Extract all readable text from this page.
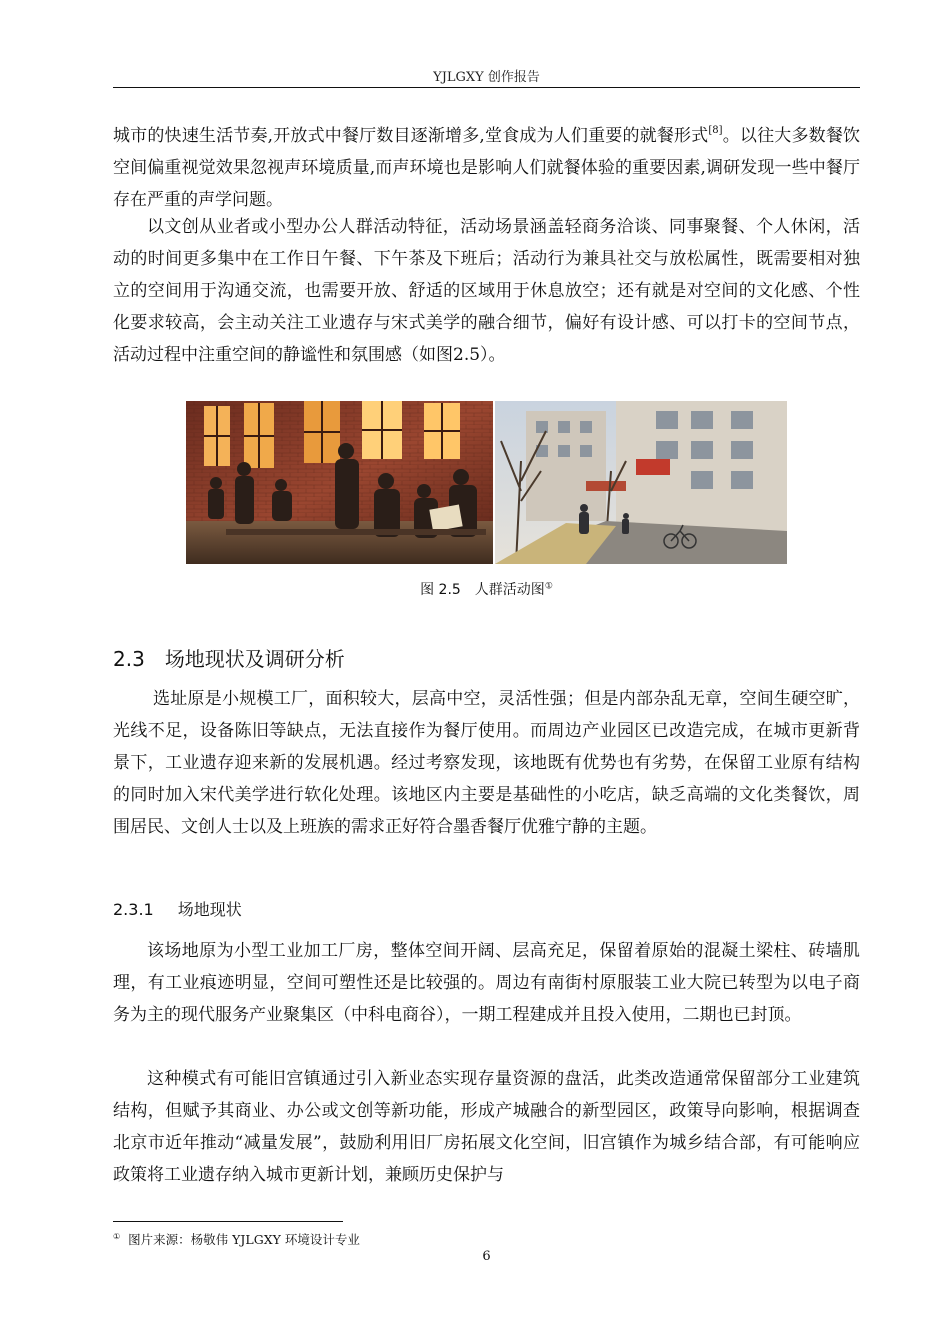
YJLGXY 创作报告

城市的快速生活节奏,开放式中餐厅数目逐渐增多,堂食成为人们重要的就餐形式[8]。以往大多数餐饮空间偏重视觉效果忽视声环境质量,而声环境也是影响人们就餐体验的重要因素,调研发现一些中餐厅存在严重的声学问题。

以文创从业者或小型办公人群活动特征，活动场景涵盖轻商务洽谈、同事聚餐、个人休闲，活动的时间更多集中在工作日午餐、下午茶及下班后；活动行为兼具社交与放松属性，既需要相对独立的空间用于沟通交流，也需要开放、舒适的区域用于休息放空；还有就是对空间的文化感、个性化要求较高，会主动关注工业遗存与宋式美学的融合细节，偏好有设计感、可以打卡的空间节点，活动过程中注重空间的静谧性和氛围感（如图2.5）。

图 2.5　人群活动图①
2.3 场地现状及调研分析

选址原是小规模工厂，面积较大，层高中空，灵活性强；但是内部杂乱无章，空间生硬空旷，光线不足，设备陈旧等缺点，无法直接作为餐厅使用。而周边产业园区已改造完成，在城市更新背景下，工业遗存迎来新的发展机遇。经过考察发现，该地既有优势也有劣势，在保留工业原有结构的同时加入宋代美学进行软化处理。该地区内主要是基础性的小吃店，缺乏高端的文化类餐饮，周围居民、文创人士以及上班族的需求正好符合墨香餐厅优雅宁静的主题。

2.3.1 场地现状

该场地原为小型工业加工厂房，整体空间开阔、层高充足，保留着原始的混凝土梁柱、砖墙肌理，有工业痕迹明显，空间可塑性还是比较强的。周边有南街村原服装工业大院已转型为以电子商务为主的现代服务产业聚集区（中科电商谷），一期工程建成并且投入使用，二期也已封顶。

这种模式有可能旧宫镇通过引入新业态实现存量资源的盘活，此类改造通常保留部分工业建筑结构，但赋予其商业、办公或文创等新功能，形成产城融合的新型园区，政策导向影响，根据调查北京市近年推动“减量发展”，鼓励利用旧厂房拓展文化空间，旧宫镇作为城乡结合部，有可能响应政策将工业遗存纳入城市更新计划，兼顾历史保护与

① 图片来源：杨敬伟 YJLGXY 环境设计专业
6
